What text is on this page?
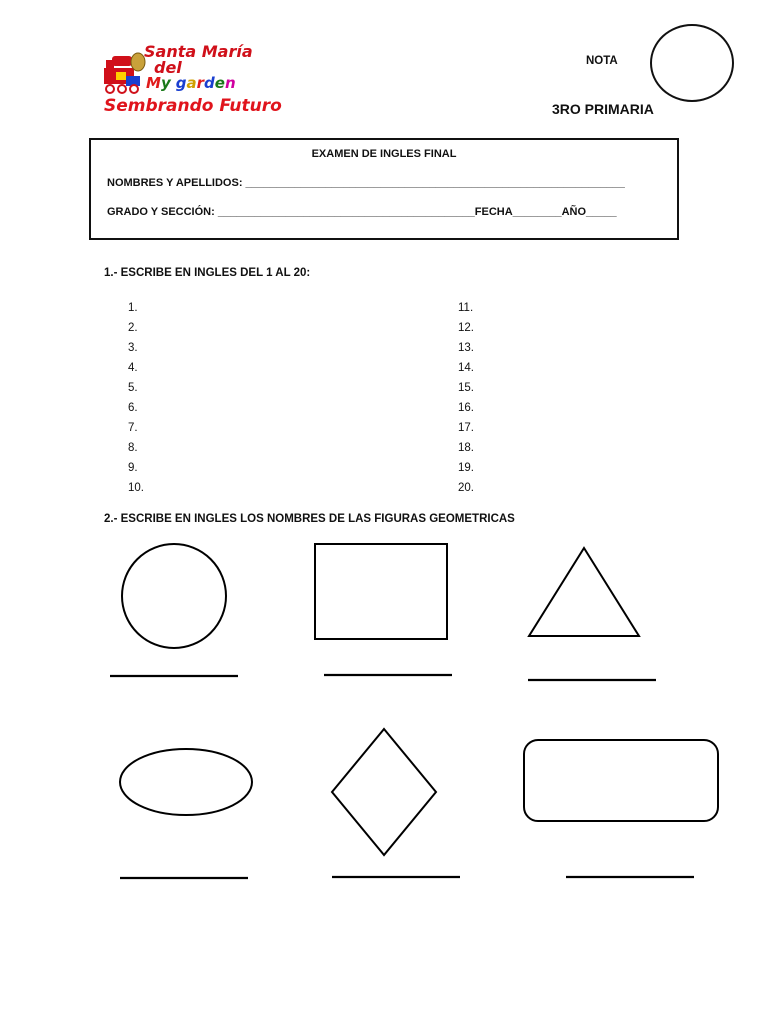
Santa María
del
My garden
Sembrando Futuro
NOTA
3RO PRIMARIA
EXAMEN DE INGLES FINAL
NOMBRES Y APELLIDOS: ______________________________________________________________
GRADO Y SECCIÓN: __________________________________________FECHA________AÑO_____
1.- ESCRIBE EN INGLES DEL 1 AL 20:
1.
2.
3.
4.
5.
6.
7.
8.
9.
10.
11.
12.
13.
14.
15.
16.
17.
18.
19.
20.
2.- ESCRIBE EN INGLES LOS NOMBRES DE LAS FIGURAS GEOMETRICAS
